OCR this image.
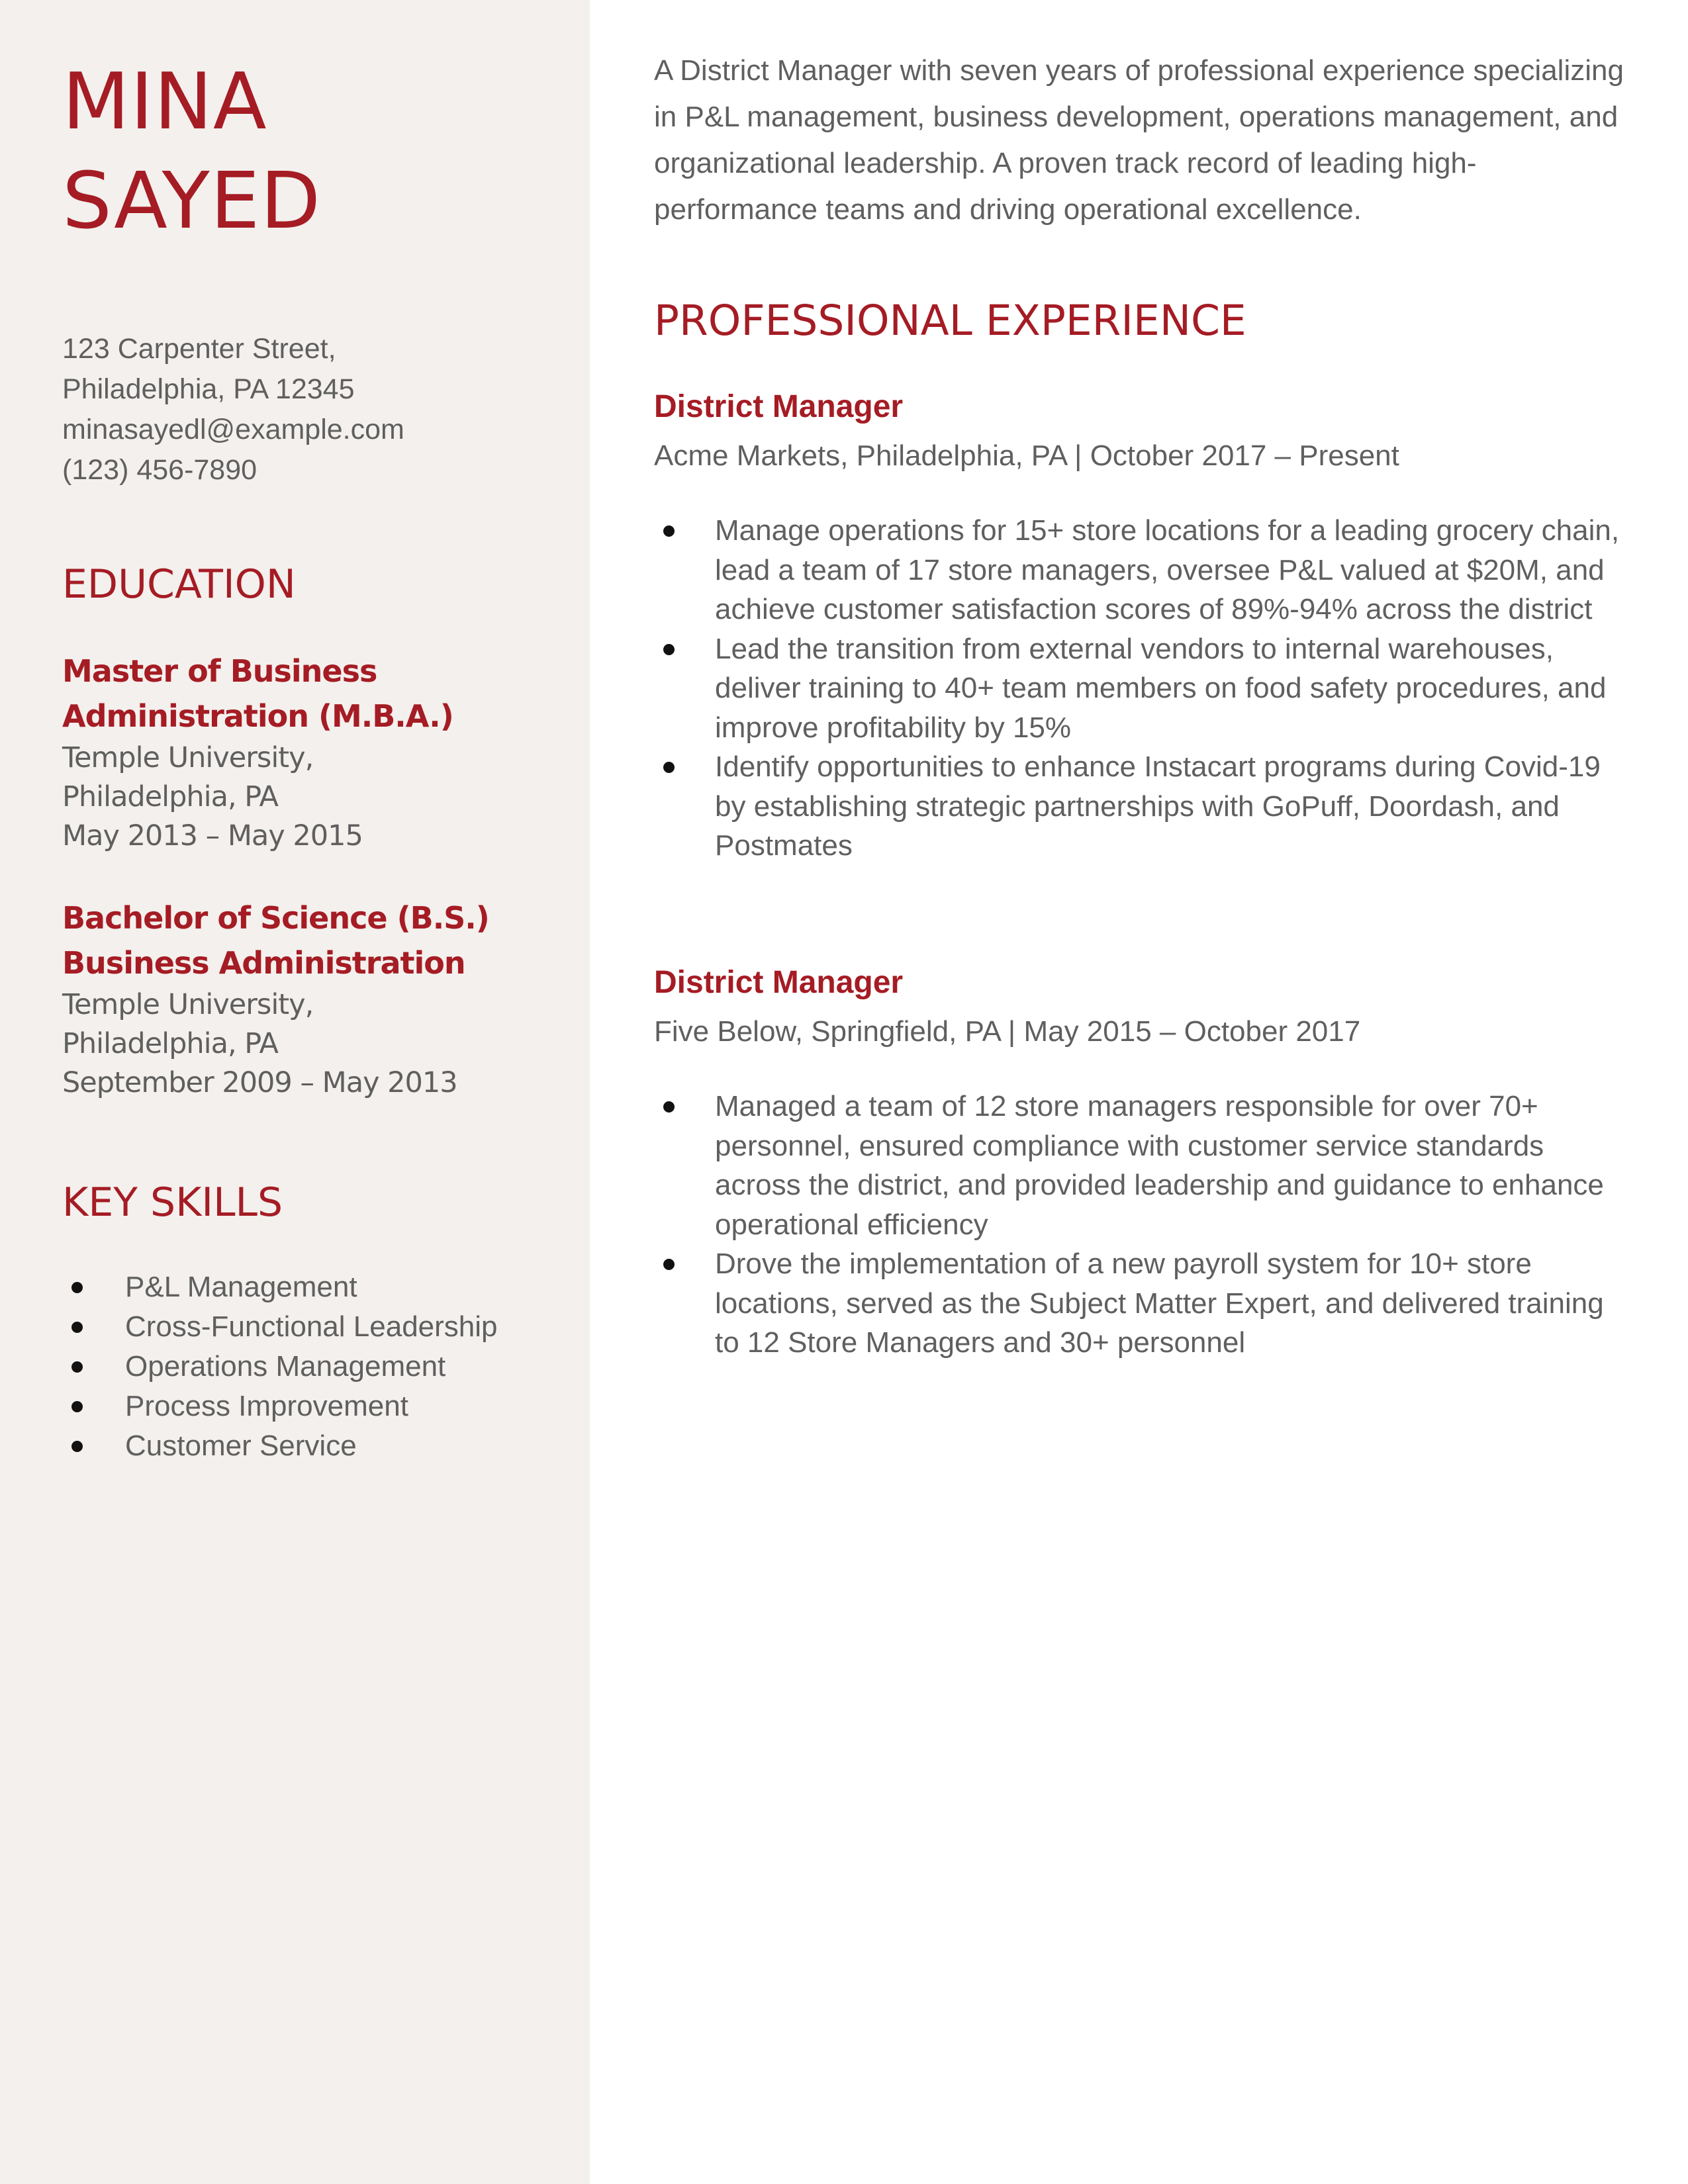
MINA
SAYED
123 Carpenter Street,
Philadelphia, PA 12345
minasayedl@example.com
(123) 456-7890
EDUCATION
Master of Business
Administration (M.B.A.)
Temple University,
Philadelphia, PA
May 2013 – May 2015
Bachelor of Science (B.S.)
Business Administration
Temple University,
Philadelphia, PA
September 2009 – May 2013
KEY SKILLS
P&L Management
Cross-Functional Leadership
Operations Management
Process Improvement
Customer Service

A District Manager with seven years of professional experience specializing in P&L management, business development, operations management, and organizational leadership. A proven track record of leading high-performance teams and driving operational excellence.

PROFESSIONAL EXPERIENCE
District Manager

Acme Markets, Philadelphia, PA | October 2017 – Present

Manage operations for 15+ store locations for a leading grocery chain, lead a team of 17 store managers, oversee P&L valued at $20M, and achieve customer satisfaction scores of 89%-94% across the district
Lead the transition from external vendors to internal warehouses, deliver training to 40+ team members on food safety procedures, and improve profitability by 15%
Identify opportunities to enhance Instacart programs during Covid-19 by establishing strategic partnerships with GoPuff, Doordash, and Postmates
District Manager

Five Below, Springfield, PA | May 2015 – October 2017

Managed a team of 12 store managers responsible for over 70+ personnel, ensured compliance with customer service standards across the district, and provided leadership and guidance to enhance operational efficiency
Drove the implementation of a new payroll system for 10+ store locations, served as the Subject Matter Expert, and delivered training to 12 Store Managers and 30+ personnel
